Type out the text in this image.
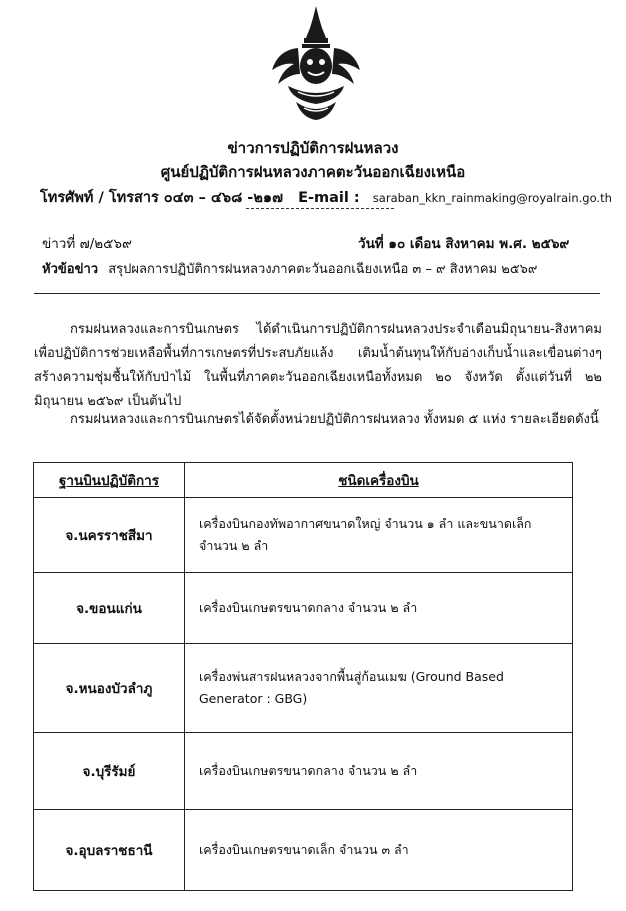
ข่าวการปฏิบัติการฝนหลวง
ศูนย์ปฏิบัติการฝนหลวงภาคตะวันออกเฉียงเหนือ
โทรศัพท์ / โทรสาร ๐๔๓ – ๔๖๘ -๒๑๗ E-mail : saraban_kkn_rainmaking@royalrain.go.th
ข่าวที่ ๗/๒๕๖๙	วันที่ ๑๐ เดือน สิงหาคม พ.ศ. ๒๕๖๙
หัวข้อข่าว สรุปผลการปฏิบัติการฝนหลวงภาคตะวันออกเฉียงเหนือ ๓ – ๙ สิงหาคม ๒๕๖๙
กรมฝนหลวงและการบินเกษตร ได้ดำเนินการปฏิบัติการฝนหลวงประจำเดือนมิถุนายน-สิงหาคม เพื่อปฏิบัติการช่วยเหลือพื้นที่การเกษตรที่ประสบภัยแล้ง เติมน้ำต้นทุนให้กับอ่างเก็บน้ำและเขื่อนต่างๆ สร้างความชุ่มชื้นให้กับป่าไม้ ในพื้นที่ภาคตะวันออกเฉียงเหนือทั้งหมด ๒๐ จังหวัด ตั้งแต่วันที่ ๒๒ มิถุนายน ๒๕๖๙ เป็นต้นไป
กรมฝนหลวงและการบินเกษตรได้จัดตั้งหน่วยปฏิบัติการฝนหลวง ทั้งหมด ๕ แห่ง รายละเอียดดังนี้
ฐานบินปฏิบัติการ	ชนิดเครื่องบิน
จ.นครราชสีมา	เครื่องบินกองทัพอากาศขนาดใหญ่ จำนวน ๑ ลำ และขนาดเล็ก จำนวน ๒ ลำ
จ.ขอนแก่น	เครื่องบินเกษตรขนาดกลาง จำนวน ๒ ลำ
จ.หนองบัวลำภู	เครื่องพ่นสารฝนหลวงจากพื้นสู่ก้อนเมฆ (Ground Based Generator : GBG)
จ.บุรีรัมย์	เครื่องบินเกษตรขนาดกลาง จำนวน ๒ ลำ
จ.อุบลราชธานี	เครื่องบินเกษตรขนาดเล็ก จำนวน ๓ ลำ
